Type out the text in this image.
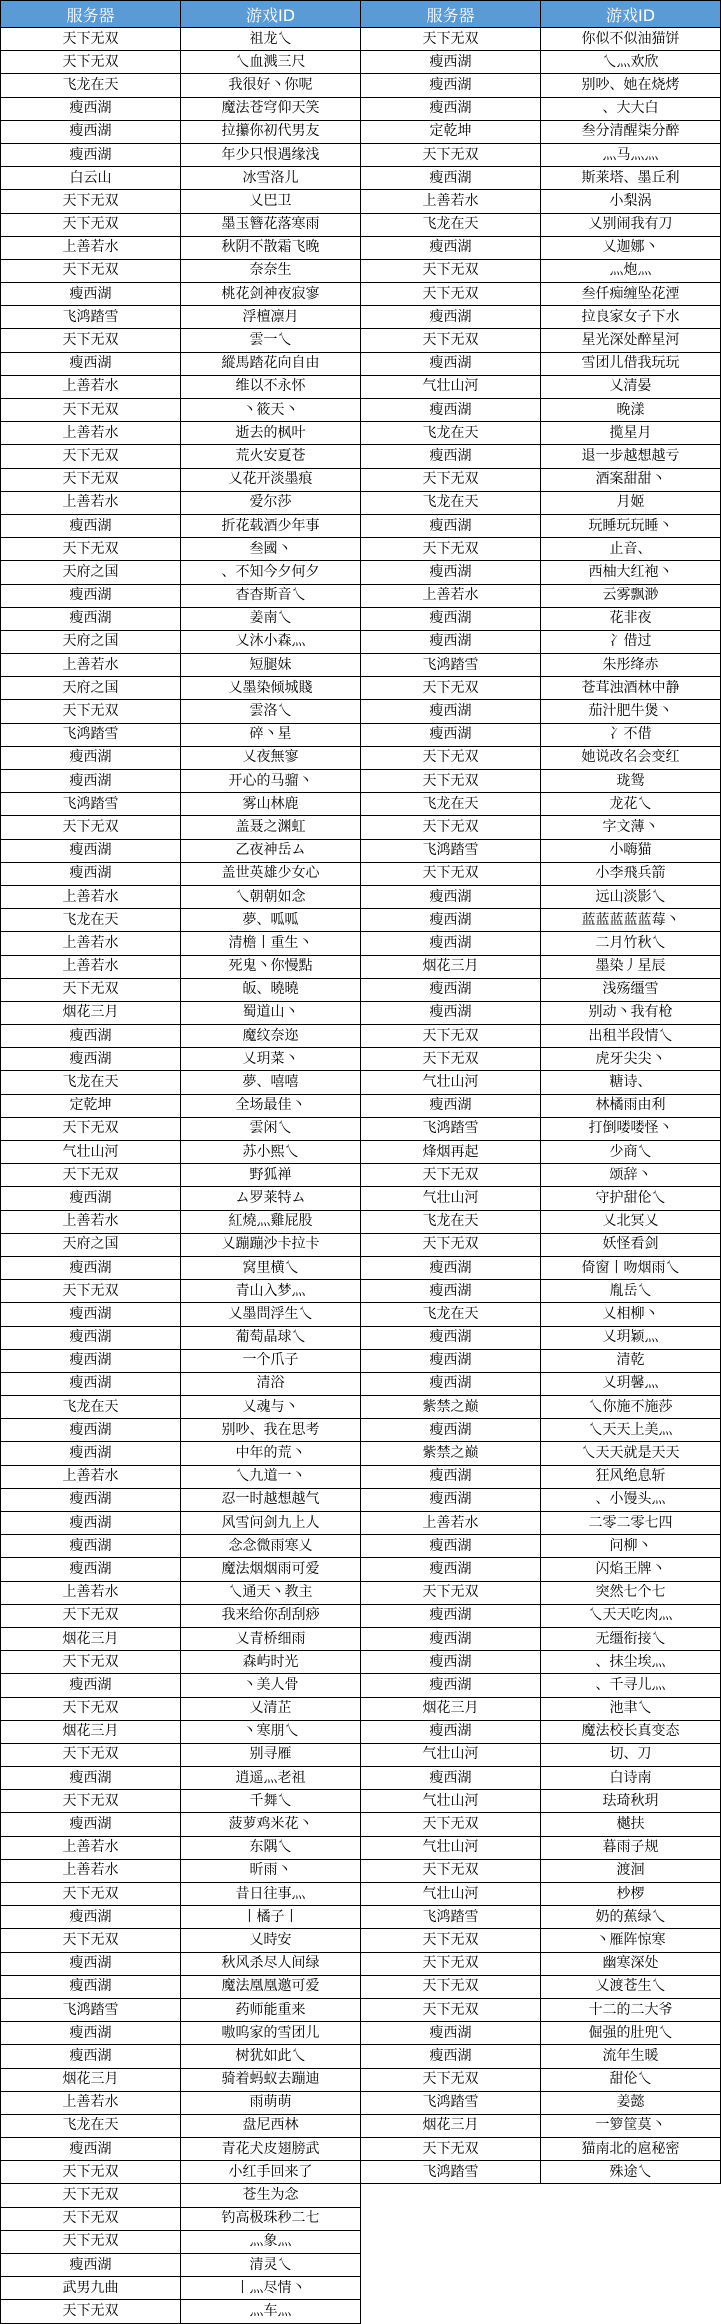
服务器	游戏ID	服务器	游戏ID
天下无双	祖龙乀	天下无双	你似不似油猫饼
天下无双	乀血溅三尺	瘦西湖	乀灬欢欣
飞龙在天	我很好丶你呢	瘦西湖	别吵、她在烧烤
瘦西湖	魔法苍穹仰天笑	瘦西湖	、大大白
瘦西湖	拉攥你初代男友	定乾坤	叁分清醒柒分醉
瘦西湖	年少只恨遇缘浅	天下无双	灬马灬灬
白云山	冰雪洛儿	瘦西湖	斯莱塔、墨丘利
天下无双	乂巴卫	上善若水	小梨涡
天下无双	墨玉簪花落寒雨	飞龙在天	乂别闹我有刀
上善若水	秋阴不散霜飞晚	瘦西湖	乂迦娜丶
天下无双	奈奈生	天下无双	灬炮灬
瘦西湖	桃花剑神夜寂寥	天下无双	叁仟痴缠坠花湮
飞鸿踏雪	浮檀凛月	瘦西湖	拉良家女子下水
天下无双	雲一乀	天下无双	星光深处醉星河
瘦西湖	縱馬踏花向自由	瘦西湖	雪团儿借我玩玩
上善若水	维以不永怀	气壮山河	乂清晏
天下无双	丶筱天丶	瘦西湖	晚漾
上善若水	逝去的枫叶	飞龙在天	揽星月
天下无双	荒火安夏苍	瘦西湖	退一步越想越亏
天下无双	乂花开淡墨痕	天下无双	酒案甜甜丶
上善若水	爱尔莎	飞龙在天	月姬
瘦西湖	折花载酒少年事	瘦西湖	玩睡玩玩睡丶
天下无双	叁國丶	天下无双	止音、
天府之国	、不知今夕何夕	瘦西湖	西柚大红袍丶
瘦西湖	杳杳斯音乀	上善若水	云雾飘渺
瘦西湖	姜南乀	瘦西湖	花非夜
天府之国	乂沐小森灬	瘦西湖	冫借过
上善若水	短腿妹	飞鸿踏雪	朱彤绛赤
天府之国	乂墨染倾城賤	天下无双	苍茸浊酒林中静
天下无双	雲洛乀	瘦西湖	茄汁肥牛煲丶
飞鸿踏雪	碎丶星	瘦西湖	冫不借
瘦西湖	乂夜無寥	天下无双	她说改名会变红
瘦西湖	开心的马骝丶	天下无双	珑鸳
飞鸿踏雪	雾山林鹿	飞龙在天	龙花乀
天下无双	盖聂之渊虹	天下无双	字文薄丶
瘦西湖	乙夜神岳ム	飞鸿踏雪	小嗨猫
瘦西湖	盖世英雄少女心	天下无双	小李飛兵箭
上善若水	乀朝朝如念	瘦西湖	远山淡影乀
飞龙在天	夢、呱呱	瘦西湖	蓝蓝蓝蓝蓝莓丶
上善若水	清檐丨重生丶	瘦西湖	二月竹秋乀
上善若水	死鬼丶你慢點	烟花三月	墨染丿星辰
天下无双	皈、曉曉	瘦西湖	浅殇缰雪
烟花三月	蜀道山丶	瘦西湖	别动丶我有枪
瘦西湖	魔纹奈迩	天下无双	出租半段情乀
瘦西湖	乂玥菜丶	天下无双	虎牙尖尖丶
飞龙在天	夢、嘻嘻	气壮山河	糖诗、
定乾坤	全场最佳丶	瘦西湖	林橘雨由利
天下无双	雲闲乀	飞鸿踏雪	打倒喽喽怪丶
气壮山河	苏小熙乀	烽烟再起	少商乀
天下无双	野狐禅	天下无双	颂辞丶
瘦西湖	ム罗莱特ム	气壮山河	守护甜伦乀
上善若水	紅燒灬雞屁股	飞龙在天	乂北冥乂
天府之国	乂蹦蹦沙卡拉卡	天下无双	妖怪看剑
瘦西湖	窝里横乀	瘦西湖	倚窗丨吻烟雨乀
天下无双	青山入梦灬	瘦西湖	胤岳乀
瘦西湖	乂墨問浮生乀	飞龙在天	乂相柳丶
瘦西湖	葡萄晶球乀	瘦西湖	乂玥颖灬
瘦西湖	一个爪子	瘦西湖	清乾
瘦西湖	清浴	瘦西湖	乂玥馨灬
飞龙在天	乂魂与丶	紫禁之巅	乀你施不施莎
瘦西湖	别吵、我在思考	瘦西湖	乀天天上美灬
瘦西湖	中年的荒丶	紫禁之巅	乀天天就是天天
上善若水	乀九道一丶	瘦西湖	狂风绝息斩
瘦西湖	忍一时越想越气	瘦西湖	、小馒头灬
瘦西湖	风雪问剑九上人	上善若水	二零二零七四
瘦西湖	念念微雨寒乂	瘦西湖	问柳丶
瘦西湖	魔法烟烟雨可爱	瘦西湖	闪焰王牌丶
上善若水	乀通天丶教主	天下无双	突然七个七
天下无双	我来给你刮刮痧	瘦西湖	乀天天吃肉灬
烟花三月	乂青桥细雨	瘦西湖	无缰衔接乀
天下无双	森屿时光	瘦西湖	、抹尘埃灬
瘦西湖	丶美人骨	瘦西湖	、千寻儿灬
天下无双	乂清芷	烟花三月	池聿乀
烟花三月	丶寒朋乀	瘦西湖	魔法校长真变态
天下无双	别寻雁	气壮山河	切、刀
瘦西湖	逍遥灬老祖	瘦西湖	白诗南
天下无双	千舞乀	气壮山河	珐琦秋玥
瘦西湖	菠萝鸡米花丶	天下无双	樾扶
上善若水	东隅乀	气壮山河	暮雨子规
上善若水	昕雨丶	天下无双	渡洄
天下无双	昔日往事灬	气壮山河	杪椤
瘦西湖	丨橘子丨	飞鸿踏雪	奶的蕉绿乀
天下无双	乂時安	天下无双	丶雁阵惊寒
瘦西湖	秋风杀尽人间绿	天下无双	幽寒深处
瘦西湖	魔法凰凰邀可爱	天下无双	乂渡苍生乀
飞鸿踏雪	药师能重来	天下无双	十二的二大爷
瘦西湖	嗷呜家的雪团儿	瘦西湖	倔强的肚兜乀
瘦西湖	树犹如此乀	瘦西湖	流年生暖
烟花三月	骑着蚂蚁去蹦迪	天下无双	甜伦乀
上善若水	雨萌萌	飞鸿踏雪	姜懿
飞龙在天	盘尼西林	烟花三月	一箩筐莫丶
瘦西湖	青花犬皮翅膀武	天下无双	猫南北的扈秘密
天下无双	小红手回来了	飞鸿踏雪	殊途乀
天下无双	苍生为念		
天下无双	钓高极珠秒二七		
天下无双	灬象灬		
瘦西湖	清灵乀		
武男九曲	丨灬尽情丶		
天下无双	灬车灬		
